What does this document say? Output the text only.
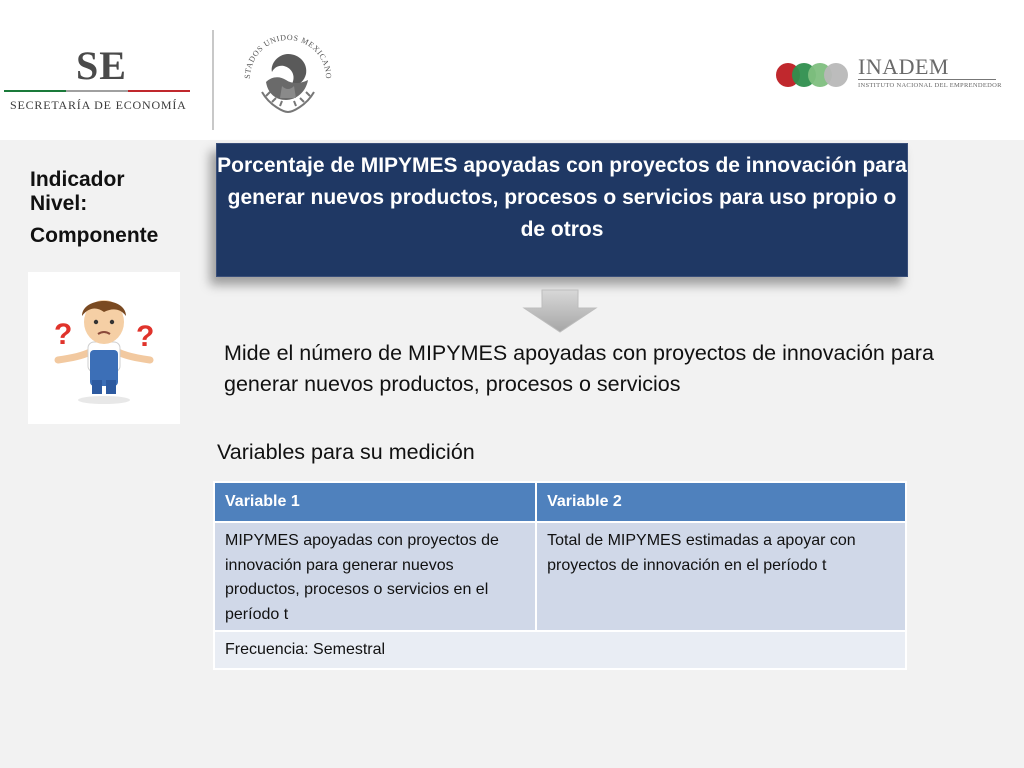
SE
SECRETARÍA DE ECONOMÍA
STADOS UNIDOS MEXICANO	INADEM
INSTITUTO NACIONAL DEL EMPRENDEDOR
Indicador
Nivel:
Componente
? ?
Porcentaje de MIPYMES apoyadas con proyectos de innovación para generar nuevos productos, procesos o servicios para uso propio o de otros
Mide el número de MIPYMES apoyadas con proyectos de innovación para generar nuevos productos, procesos o servicios
Variables para su medición
Variable 1	Variable 2
MIPYMES apoyadas con proyectos de innovación para generar nuevos productos, procesos o servicios en el período t	Total de MIPYMES estimadas a apoyar con proyectos de innovación en el período t
Frecuencia: Semestral	
